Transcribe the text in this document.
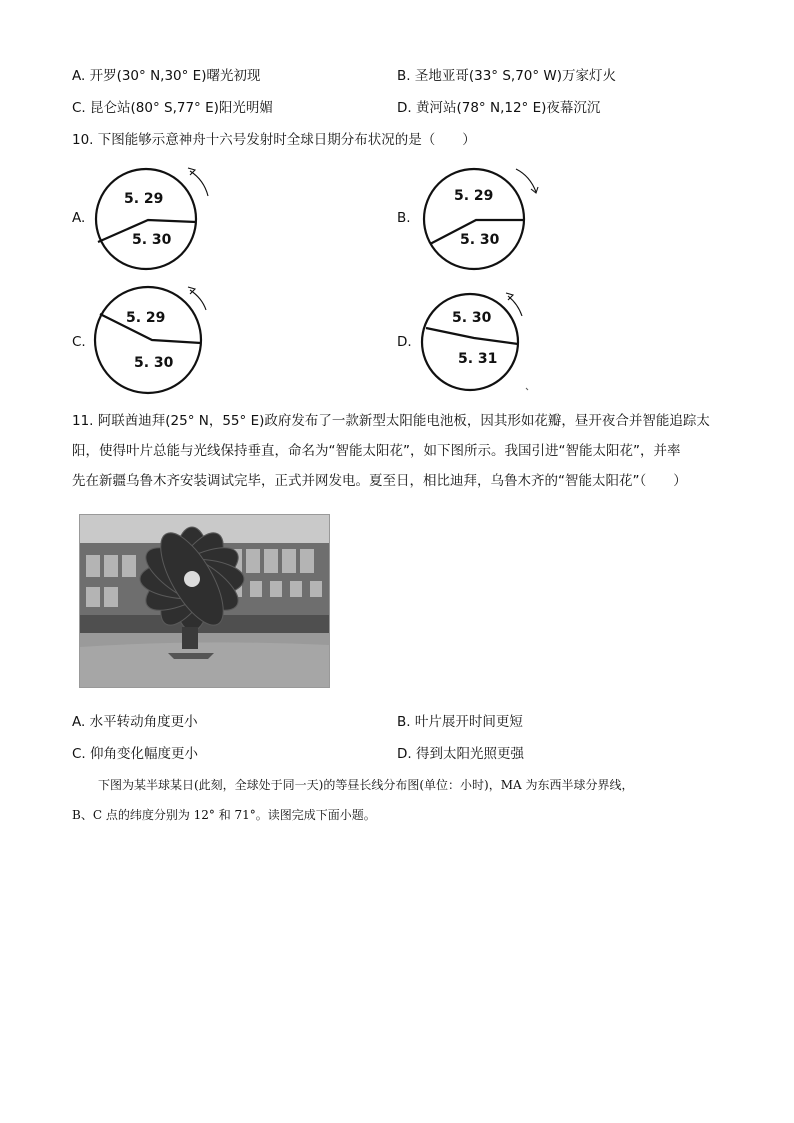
A. 开罗(30° N,30° E)曙光初现	B. 圣地亚哥(33° S,70° W)万家灯火
C. 昆仑站(80° S,77° E)阳光明媚	D. 黄河站(78° N,12° E)夜幕沉沉
10. 下图能够示意神舟十六号发射时全球日期分布状况的是（　　）
A.
5. 29
5. 30
B.
5. 29
5. 30
C.
5. 29
5. 30
D.
5. 30
5. 31
11. 阿联酋迪拜(25° N，55° E)政府发布了一款新型太阳能电池板，因其形如花瓣，昼开夜合并智能追踪太
阳，使得叶片总能与光线保持垂直，命名为“智能太阳花”，如下图所示。我国引进“智能太阳花”，并率
先在新疆乌鲁木齐安装调试完毕，正式并网发电。夏至日，相比迪拜，乌鲁木齐的“智能太阳花”（　　）
A. 水平转动角度更小	B. 叶片展开时间更短
C. 仰角变化幅度更小	D. 得到太阳光照更强
下图为某半球某日(此刻，全球处于同一天)的等昼长线分布图(单位：小时)，MA 为东西半球分界线，
B、C 点的纬度分别为 12° 和 71°。读图完成下面小题。
